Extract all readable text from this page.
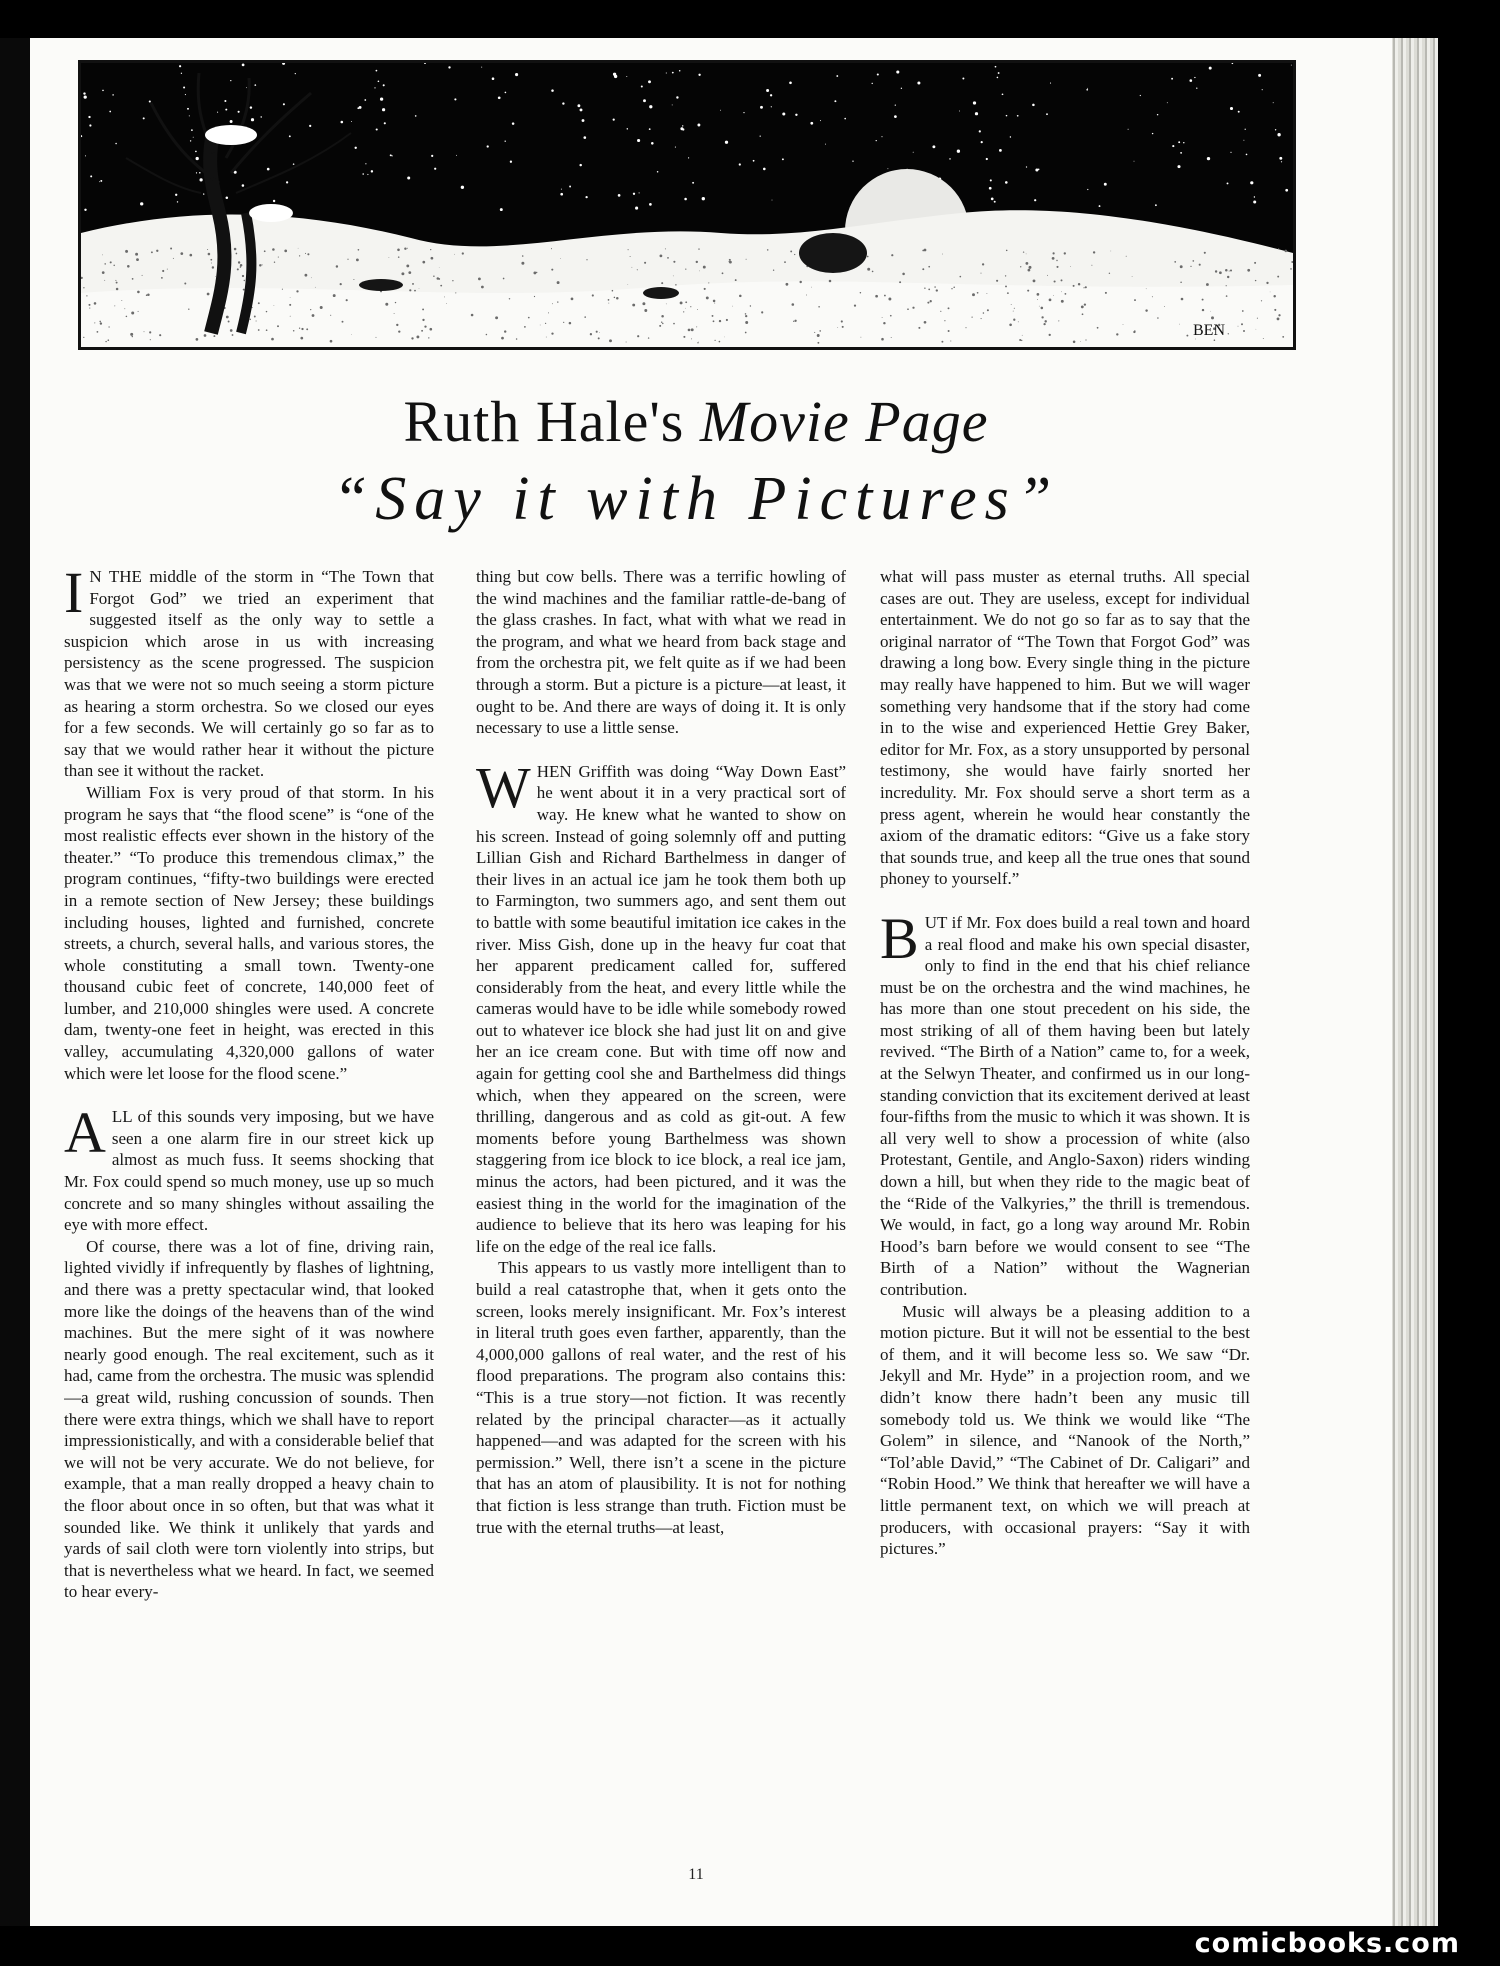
BEN
Ruth Hale's Movie Page
“Say it with Pictures”

I N THE middle of the storm in “The Town that Forgot God” we tried an experiment that suggested itself as the only way to settle a suspicion which arose in us with increasing persistency as the scene progressed. The suspicion was that we were not so much seeing a storm picture as hearing a storm orchestra. So we closed our eyes for a few seconds. We will certainly go so far as to say that we would rather hear it without the picture than see it without the racket.

William Fox is very proud of that storm. In his program he says that “the flood scene” is “one of the most realistic effects ever shown in the history of the theater.” “To produce this tremendous climax,” the program continues, “fifty-two buildings were erected in a remote section of New Jersey; these buildings including houses, lighted and furnished, concrete streets, a church, several halls, and various stores, the whole constituting a small town. Twenty-one thousand cubic feet of concrete, 140,000 feet of lumber, and 210,000 shingles were used. A concrete dam, twenty-one feet in height, was erected in this valley, accumulating 4,320,000 gallons of water which were let loose for the flood scene.”

ALL of this sounds very imposing, but we have seen a one alarm fire in our street kick up almost as much fuss. It seems shocking that Mr. Fox could spend so much money, use up so much concrete and so many shingles without assailing the eye with more effect.

Of course, there was a lot of fine, driving rain, lighted vividly if infrequently by flashes of lightning, and there was a pretty spectacular wind, that looked more like the doings of the heavens than of the wind machines. But the mere sight of it was nowhere nearly good enough. The real excitement, such as it had, came from the orchestra. The music was splendid—a great wild, rushing concussion of sounds. Then there were extra things, which we shall have to report impressionistically, and with a considerable belief that we will not be very accurate. We do not believe, for example, that a man really dropped a heavy chain to the floor about once in so often, but that was what it sounded like. We think it unlikely that yards and yards of sail cloth were torn violently into strips, but that is nevertheless what we heard. In fact, we seemed to hear every-

thing but cow bells. There was a terrific howling of the wind machines and the familiar rattle-de-bang of the glass crashes. In fact, what with what we read in the program, and what we heard from back stage and from the orchestra pit, we felt quite as if we had been through a storm. But a picture is a picture—at least, it ought to be. And there are ways of doing it. It is only necessary to use a little sense.

WHEN Griffith was doing “Way Down East” he went about it in a very practical sort of way. He knew what he wanted to show on his screen. Instead of going solemnly off and putting Lillian Gish and Richard Barthelmess in danger of their lives in an actual ice jam he took them both up to Farmington, two summers ago, and sent them out to battle with some beautiful imitation ice cakes in the river. Miss Gish, done up in the heavy fur coat that her apparent predicament called for, suffered considerably from the heat, and every little while the cameras would have to be idle while somebody rowed out to whatever ice block she had just lit on and give her an ice cream cone. But with time off now and again for getting cool she and Barthelmess did things which, when they appeared on the screen, were thrilling, dangerous and as cold as git-out. A few moments before young Barthelmess was shown staggering from ice block to ice block, a real ice jam, minus the actors, had been pictured, and it was the easiest thing in the world for the imagination of the audience to believe that its hero was leaping for his life on the edge of the real ice falls.

This appears to us vastly more intelligent than to build a real catastrophe that, when it gets onto the screen, looks merely insignificant. Mr. Fox’s interest in literal truth goes even farther, apparently, than the 4,000,000 gallons of real water, and the rest of his flood preparations. The program also contains this: “This is a true story—not fiction. It was recently related by the principal character—as it actually happened—and was adapted for the screen with his permission.” Well, there isn’t a scene in the picture that has an atom of plausibility. It is not for nothing that fiction is less strange than truth. Fiction must be true with the eternal truths—at least,

what will pass muster as eternal truths. All special cases are out. They are useless, except for individual entertainment. We do not go so far as to say that the original narrator of “The Town that Forgot God” was drawing a long bow. Every single thing in the picture may really have happened to him. But we will wager something very handsome that if the story had come in to the wise and experienced Hettie Grey Baker, editor for Mr. Fox, as a story unsupported by personal testimony, she would have fairly snorted her incredulity. Mr. Fox should serve a short term as a press agent, wherein he would hear constantly the axiom of the dramatic editors: “Give us a fake story that sounds true, and keep all the true ones that sound phoney to yourself.”

BUT if Mr. Fox does build a real town and hoard a real flood and make his own special disaster, only to find in the end that his chief reliance must be on the orchestra and the wind machines, he has more than one stout precedent on his side, the most striking of all of them having been but lately revived. “The Birth of a Nation” came to, for a week, at the Selwyn Theater, and confirmed us in our long-standing conviction that its excitement derived at least four-fifths from the music to which it was shown. It is all very well to show a procession of white (also Protestant, Gentile, and Anglo-Saxon) riders winding down a hill, but when they ride to the magic beat of the “Ride of the Valkyries,” the thrill is tremendous. We would, in fact, go a long way around Mr. Robin Hood’s barn before we would consent to see “The Birth of a Nation” without the Wagnerian contribution.

Music will always be a pleasing addition to a motion picture. But it will not be essential to the best of them, and it will become less so. We saw “Dr. Jekyll and Mr. Hyde” in a projection room, and we didn’t know there hadn’t been any music till somebody told us. We think we would like “The Golem” in silence, and “Nanook of the North,” “Tol’able David,” “The Cabinet of Dr. Caligari” and “Robin Hood.” We think that hereafter we will have a little permanent text, on which we will preach at producers, with occasional prayers: “Say it with pictures.”

11
comicbooks.com
